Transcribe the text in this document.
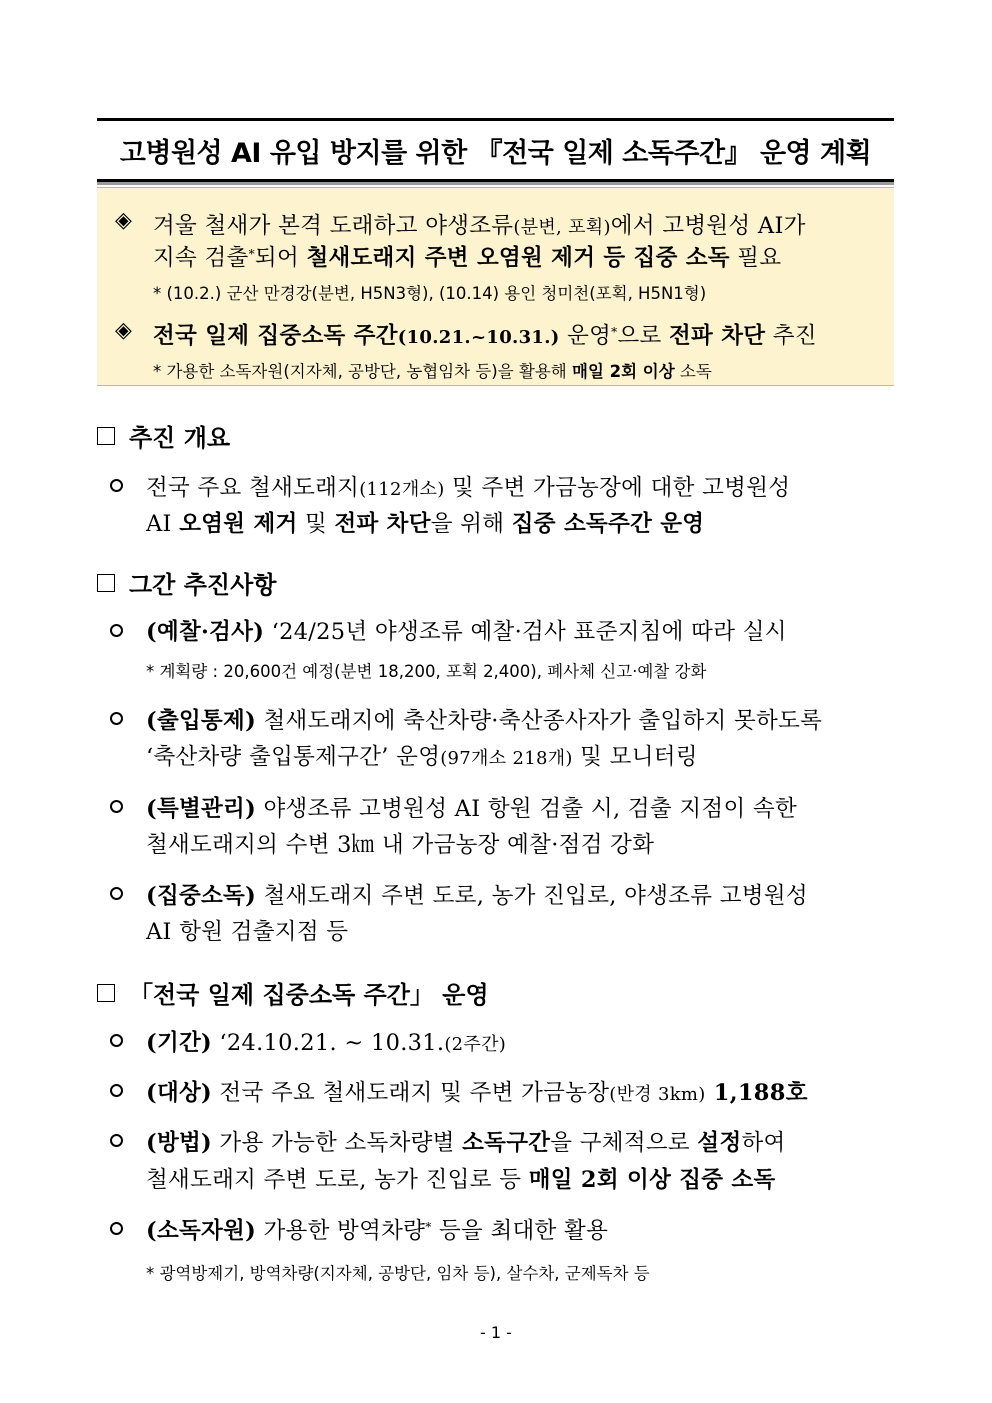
고병원성 AI 유입 방지를 위한 『전국 일제 소독주간』 운영 계획
◈ 겨울 철새가 본격 도래하고 야생조류(분변, 포획)에서 고병원성 AI가
지속 검출*되어 철새도래지 주변 오염원 제거 등 집중 소독 필요
* (10.2.) 군산 만경강(분변, H5N3형), (10.14) 용인 청미천(포획, H5N1형)
◈ 전국 일제 집중소독 주간(10.21.~10.31.) 운영*으로 전파 차단 추진
* 가용한 소독자원(지자체, 공방단, 농협임차 등)을 활용해 매일 2회 이상 소독
추진 개요
전국 주요 철새도래지(112개소) 및 주변 가금농장에 대한 고병원성
AI 오염원 제거 및 전파 차단을 위해 집중 소독주간 운영
그간 추진사항
(예찰·검사) ‘24/25년 야생조류 예찰·검사 표준지침에 따라 실시
* 계획량 : 20,600건 예정(분변 18,200, 포획 2,400), 폐사체 신고·예찰 강화
(출입통제) 철새도래지에 축산차량·축산종사자가 출입하지 못하도록
‘축산차량 출입통제구간’ 운영(97개소 218개) 및 모니터링
(특별관리) 야생조류 고병원성 AI 항원 검출 시, 검출 지점이 속한
철새도래지의 수변 3㎞ 내 가금농장 예찰·점검 강화
(집중소독) 철새도래지 주변 도로, 농가 진입로, 야생조류 고병원성
AI 항원 검출지점 등
「전국 일제 집중소독 주간」 운영
(기간) ‘24.10.21. ~ 10.31.(2주간)
(대상) 전국 주요 철새도래지 및 주변 가금농장(반경 3km) 1,188호
(방법) 가용 가능한 소독차량별 소독구간을 구체적으로 설정하여
철새도래지 주변 도로, 농가 진입로 등 매일 2회 이상 집중 소독
(소독자원) 가용한 방역차량* 등을 최대한 활용
* 광역방제기, 방역차량(지자체, 공방단, 임차 등), 살수차, 군제독차 등
- 1 -
